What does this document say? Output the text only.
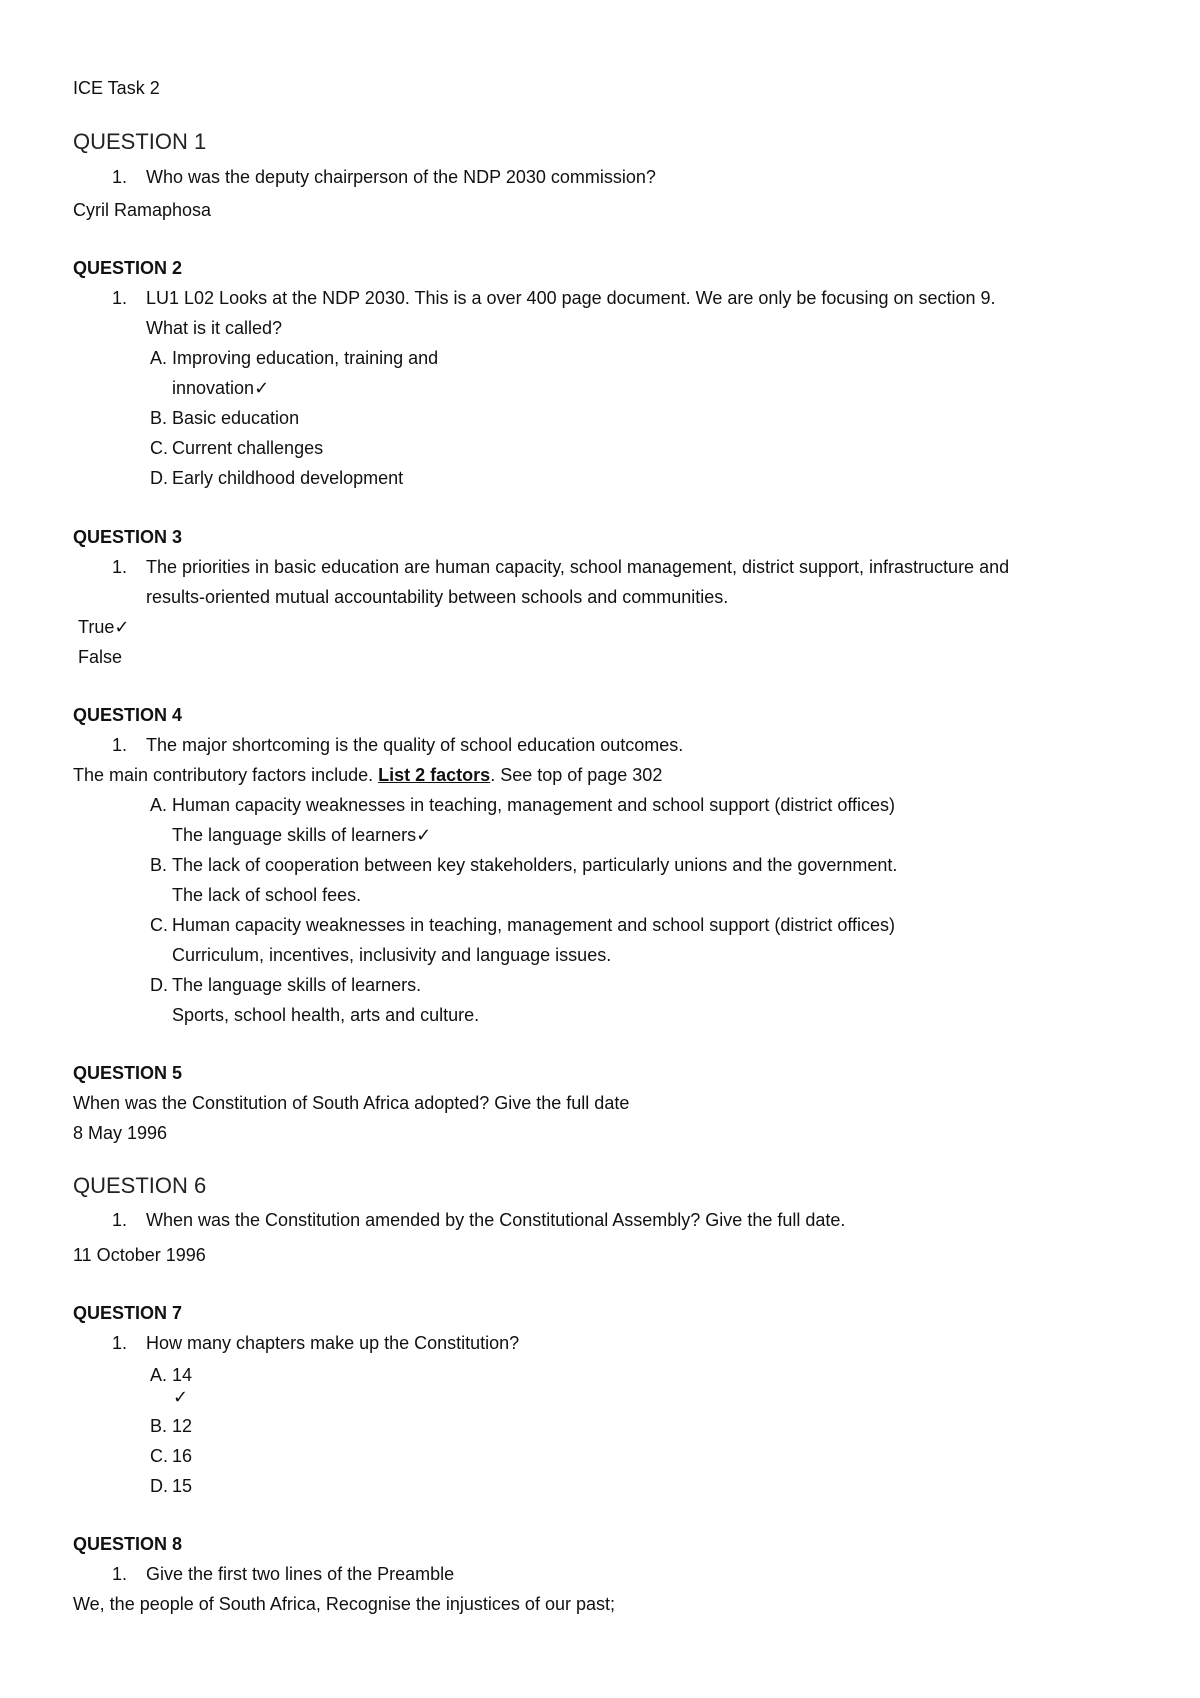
ICE Task 2
QUESTION 1
1. Who was the deputy chairperson of the NDP 2030 commission?
Cyril Ramaphosa
QUESTION 2
1. LU1 L02 Looks at the NDP 2030. This is a over 400 page document. We are only be focusing on section 9.
What is it called?
A. Improving education, training and
innovation✓
B. Basic education
C. Current challenges
D. Early childhood development
QUESTION 3
1. The priorities in basic education are human capacity, school management, district support, infrastructure and
results-oriented mutual accountability between schools and communities.
True✓
False
QUESTION 4
1. The major shortcoming is the quality of school education outcomes.
The main contributory factors include. List 2 factors. See top of page 302
A. Human capacity weaknesses in teaching, management and school support (district offices)
The language skills of learners✓
B. The lack of cooperation between key stakeholders, particularly unions and the government.
The lack of school fees.
C. Human capacity weaknesses in teaching, management and school support (district offices)
Curriculum, incentives, inclusivity and language issues.
D. The language skills of learners.
Sports, school health, arts and culture.
QUESTION 5
When was the Constitution of South Africa adopted? Give the full date
8 May 1996
QUESTION 6
1. When was the Constitution amended by the Constitutional Assembly? Give the full date.
11 October 1996
QUESTION 7
1. How many chapters make up the Constitution?
A. 14
✓
B. 12
C. 16
D. 15
QUESTION 8
1. Give the first two lines of the Preamble
We, the people of South Africa, Recognise the injustices of our past;
